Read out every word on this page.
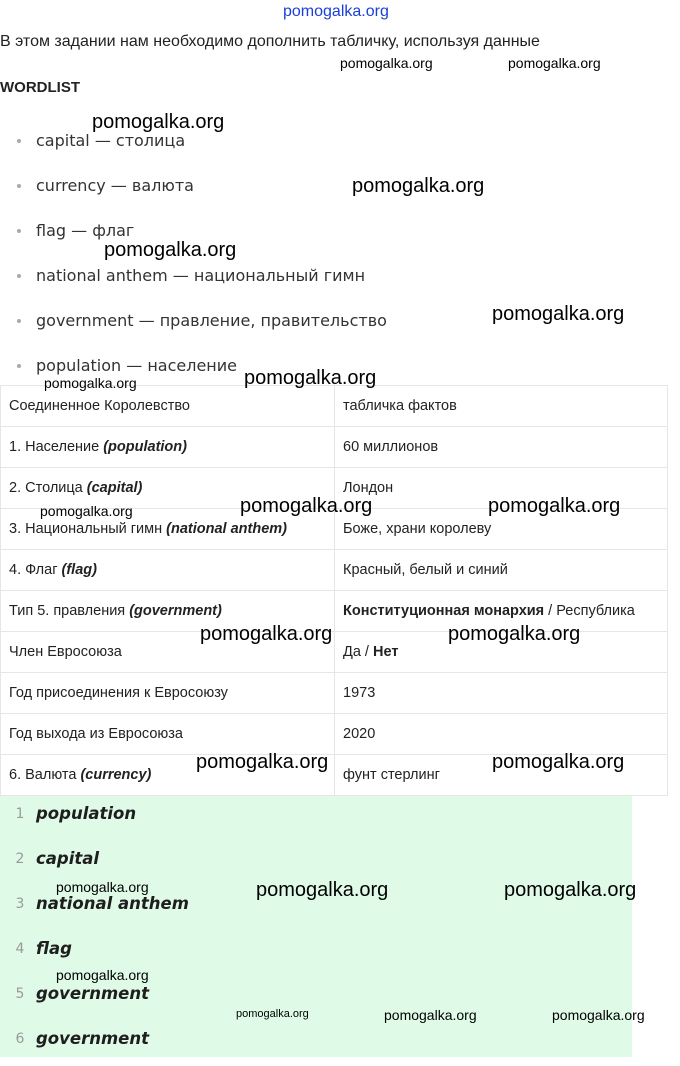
pomogalka.org
В этом задании нам необходимо дополнить табличку, используя данные
WORDLIST
capital — столица
currency — валюта
flag — флаг
national anthem — национальный гимн
government — правление, правительство
population — население
Соединенное Королевство	табличка фактов
1. Население (population)	60 миллионов
2. Столица (capital)	Лондон
3. Национальный гимн (national anthem)	Боже, храни королеву
4. Флаг (flag)	Красный, белый и синий
Тип 5. правления (government)	Конституционная монархия / Республика
Член Евросоюза	Да / Нет
Год присоединения к Евросоюзу	1973
Год выхода из Евросоюза	2020
6. Валюта (currency)	фунт стерлинг
1 population
2 capital
3 national anthem
4 flag
5 government
6 government
pomogalka.org	pomogalka.org
pomogalka.org
pomogalka.org
pomogalka.org
pomogalka.org
pomogalka.org
pomogalka.org
pomogalka.org	pomogalka.org
pomogalka.org
pomogalka.org	pomogalka.org
pomogalka.org	pomogalka.org
pomogalka.org	pomogalka.org	pomogalka.org
pomogalka.org
pomogalka.org	pomogalka.org	pomogalka.org
